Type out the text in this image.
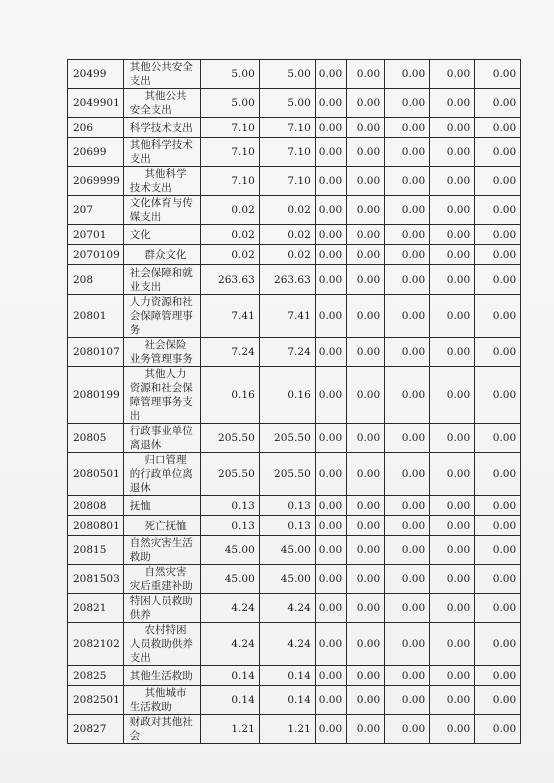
20499	其他公共安全支出	5.00	5.00	0.00	0.00	0.00	0.00	0.00
2049901	其他公共安全支出	5.00	5.00	0.00	0.00	0.00	0.00	0.00
206	科学技术支出	7.10	7.10	0.00	0.00	0.00	0.00	0.00
20699	其他科学技术支出	7.10	7.10	0.00	0.00	0.00	0.00	0.00
2069999	其他科学技术支出	7.10	7.10	0.00	0.00	0.00	0.00	0.00
207	文化体育与传媒支出	0.02	0.02	0.00	0.00	0.00	0.00	0.00
20701	文化	0.02	0.02	0.00	0.00	0.00	0.00	0.00
2070109	群众文化	0.02	0.02	0.00	0.00	0.00	0.00	0.00
208	社会保障和就业支出	263.63	263.63	0.00	0.00	0.00	0.00	0.00
20801	人力资源和社会保障管理事务	7.41	7.41	0.00	0.00	0.00	0.00	0.00
2080107	社会保险业务管理事务	7.24	7.24	0.00	0.00	0.00	0.00	0.00
2080199	其他人力资源和社会保障管理事务支出	0.16	0.16	0.00	0.00	0.00	0.00	0.00
20805	行政事业单位离退休	205.50	205.50	0.00	0.00	0.00	0.00	0.00
2080501	归口管理的行政单位离退休	205.50	205.50	0.00	0.00	0.00	0.00	0.00
20808	抚恤	0.13	0.13	0.00	0.00	0.00	0.00	0.00
2080801	死亡抚恤	0.13	0.13	0.00	0.00	0.00	0.00	0.00
20815	自然灾害生活救助	45.00	45.00	0.00	0.00	0.00	0.00	0.00
2081503	自然灾害灾后重建补助	45.00	45.00	0.00	0.00	0.00	0.00	0.00
20821	特困人员救助供养	4.24	4.24	0.00	0.00	0.00	0.00	0.00
2082102	农村特困人员救助供养支出	4.24	4.24	0.00	0.00	0.00	0.00	0.00
20825	其他生活救助	0.14	0.14	0.00	0.00	0.00	0.00	0.00
2082501	其他城市生活救助	0.14	0.14	0.00	0.00	0.00	0.00	0.00
20827	财政对其他社会	1.21	1.21	0.00	0.00	0.00	0.00	0.00
